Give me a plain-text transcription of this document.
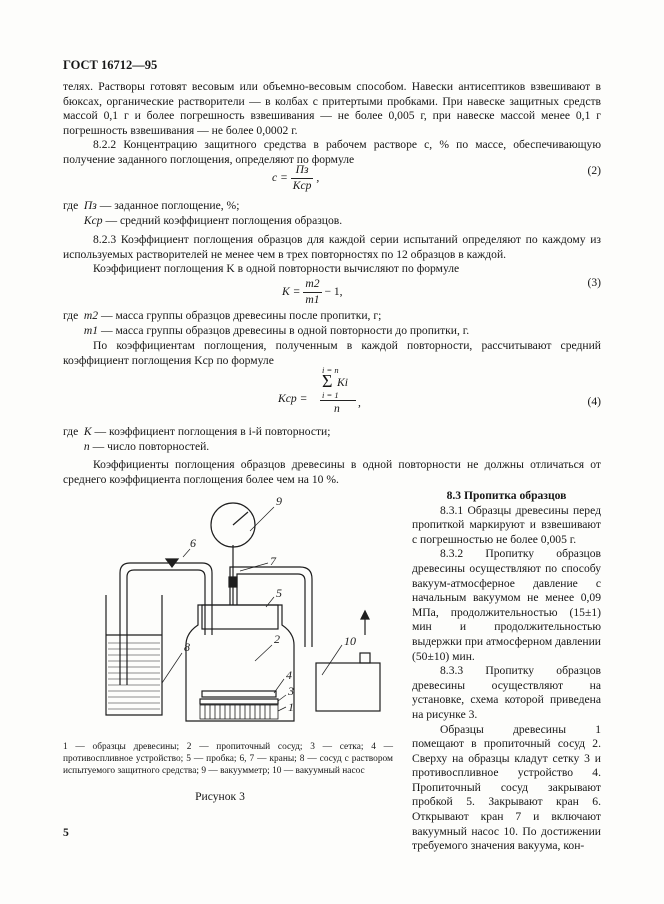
ГОСТ 16712—95
телях. Растворы готовят весовым или объемно-весовым способом. Навески антисептиков взвешивают в бюксах, органические растворители — в колбах с притертыми пробками. При навеске защитных средств массой 0,1 г и более погрешность взвешивания — не более 0,005 г, при навеске массой менее 0,1 г погрешность взвешивания — не более 0,0002 г.
8.2.2 Концентрацию защитного средства в рабочем растворе c, % по массе, обеспечивающую получение заданного поглощения, определяют по формуле
$c = \frac{Пз}{\text{Kср}}$ ,
(2)
где Пз — заданное поглощение, %;
Kср — средний коэффициент поглощения образцов.
8.2.3 Коэффициент поглощения образцов для каждой серии испытаний определяют по каждому из используемых растворителей не менее чем в трех повторностях по 12 образцов в каждой.
Коэффициент поглощения K в одной повторности вычисляют по формуле
$K = \frac{m2}{m1} - 1$,
(3)
где m2 — масса группы образцов древесины после пропитки, г;
m1 — масса группы образцов древесины в одной повторности до пропитки, г.
По коэффициентам поглощения, полученным в каждой повторности, рассчитывают средний коэффициент поглощения Kср по формуле
Kср =
i = n
Σ Ki
i = 1
n ,	(4)
где K — коэффициент поглощения в i-й повторности;
n — число повторностей.
Коэффициенты поглощения образцов древесины в одной повторности не должны отличаться от среднего коэффициента поглощения более чем на 10 %.
8.3 Пропитка образцов
8.3.1 Образцы древесины перед пропиткой маркируют и взвешивают с погрешностью не более 0,005 г.
8.3.2 Пропитку образцов древесины осуществляют по способу вакуум-атмосферное давление с начальным вакуумом не менее 0,09 МПа, продолжительностью (15±1) мин и продолжительностью выдержки при атмосферном давлении (50±10) мин.
8.3.3 Пропитку образцов древесины осуществляют на установке, схема которой приведена на рисунке 3.
Образцы древесины 1 помещают в пропиточный сосуд 2. Сверху на образцы кладут сетку 3 и противоспливное устройство 4. Пропиточный сосуд закрывают пробкой 5. Закрывают кран 6. Открывают кран 7 и включают вакуумный насос 10. По достижении требуемого значения вакуума, кон-
8
9
6
7
5
2
4
3
1
10
1 — образцы древесины; 2 — пропиточный сосуд; 3 — сетка; 4 — противоспливное устройство; 5 — пробка; 6, 7 — краны; 8 — сосуд с раствором испытуемого защитного средства; 9 — вакуумметр; 10 — вакуумный насос
Рисунок 3
5
